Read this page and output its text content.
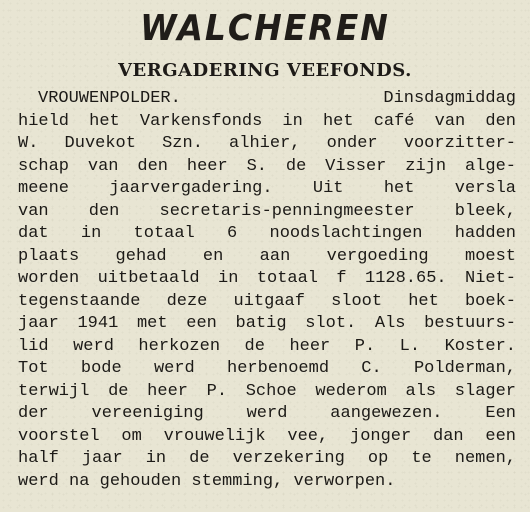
WALCHEREN
VERGADERING VEEFONDS.
VROUWENPOLDER. Dinsdagmiddag
hield het Varkensfonds in het café van den
W. Duvekot Szn. alhier, onder voorzitter-
schap van den heer S. de Visser zijn alge-
meene jaarvergadering. Uit het versla
van den secretaris-penningmeester bleek,
dat in totaal 6 noodslachtingen hadden
plaats gehad en aan vergoeding moest
worden uitbetaald in totaal f 1128.65. Niet-
tegenstaande deze uitgaaf sloot het boek-
jaar 1941 met een batig slot. Als bestuurs-
lid werd herkozen de heer P. L. Koster.
Tot bode werd herbenoemd C. Polderman,
terwijl de heer P. Schoe wederom als slager
der vereeniging werd aangewezen. Een
voorstel om vrouwelijk vee, jonger dan een
half jaar in de verzekering op te nemen,
werd na gehouden stemming, verworpen.
